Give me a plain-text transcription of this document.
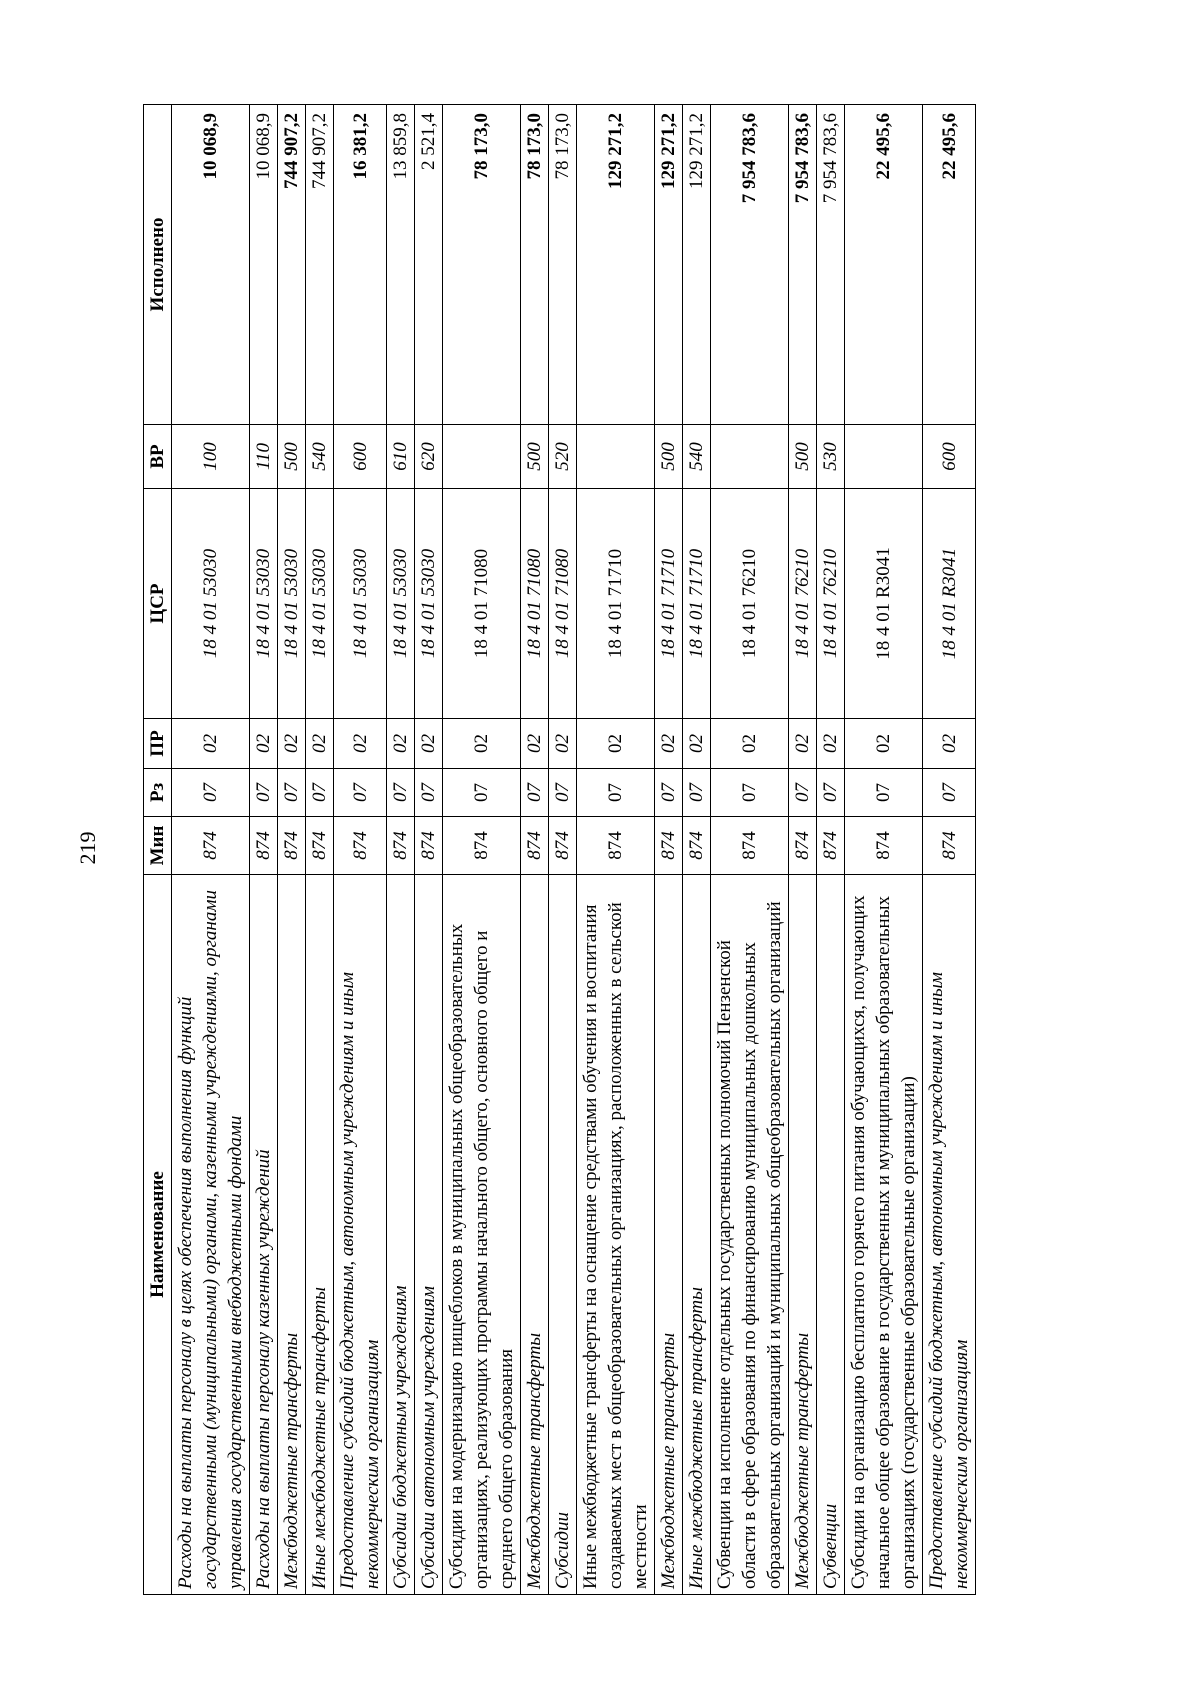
219
Наименование	Мин	Рз	ПР	ЦСР	ВР	Исполнено
Расходы на выплаты персоналу в целях обеспечения выполнения функций государственными (муниципальными) органами, казенными учреждениями, органами управления государственными внебюджетными фондами	874	07	02	18 4 01 53030	100	10 068,9
Расходы на выплаты персоналу казенных учреждений	874	07	02	18 4 01 53030	110	10 068,9
Межбюджетные трансферты	874	07	02	18 4 01 53030	500	744 907,2
Иные межбюджетные трансферты	874	07	02	18 4 01 53030	540	744 907,2
Предоставление субсидий бюджетным, автономным учреждениям и иным некоммерческим организациям	874	07	02	18 4 01 53030	600	16 381,2
Субсидии бюджетным учреждениям	874	07	02	18 4 01 53030	610	13 859,8
Субсидии автономным учреждениям	874	07	02	18 4 01 53030	620	2 521,4
Субсидии на модернизацию пищеблоков в муниципальных общеобразовательных организациях, реализующих программы начального общего, основного общего и среднего общего образования	874	07	02	18 4 01 71080		78 173,0
Межбюджетные трансферты	874	07	02	18 4 01 71080	500	78 173,0
Субсидии	874	07	02	18 4 01 71080	520	78 173,0
Иные межбюджетные трансферты на оснащение средствами обучения и воспитания создаваемых мест в общеобразовательных организациях, расположенных в сельской местности	874	07	02	18 4 01 71710		129 271,2
Межбюджетные трансферты	874	07	02	18 4 01 71710	500	129 271,2
Иные межбюджетные трансферты	874	07	02	18 4 01 71710	540	129 271,2
Субвенции на исполнение отдельных государственных полномочий Пензенской области в сфере образования по финансированию муниципальных дошкольных образовательных организаций и муниципальных общеобразовательных организаций	874	07	02	18 4 01 76210		7 954 783,6
Межбюджетные трансферты	874	07	02	18 4 01 76210	500	7 954 783,6
Субвенции	874	07	02	18 4 01 76210	530	7 954 783,6
Субсидии на организацию бесплатного горячего питания обучающихся, получающих начальное общее образование в государственных и муниципальных образовательных организациях (государственные образовательные организации)	874	07	02	18 4 01 R3041		22 495,6
Предоставление субсидий бюджетным, автономным учреждениям и иным некоммерческим организациям	874	07	02	18 4 01 R3041	600	22 495,6
